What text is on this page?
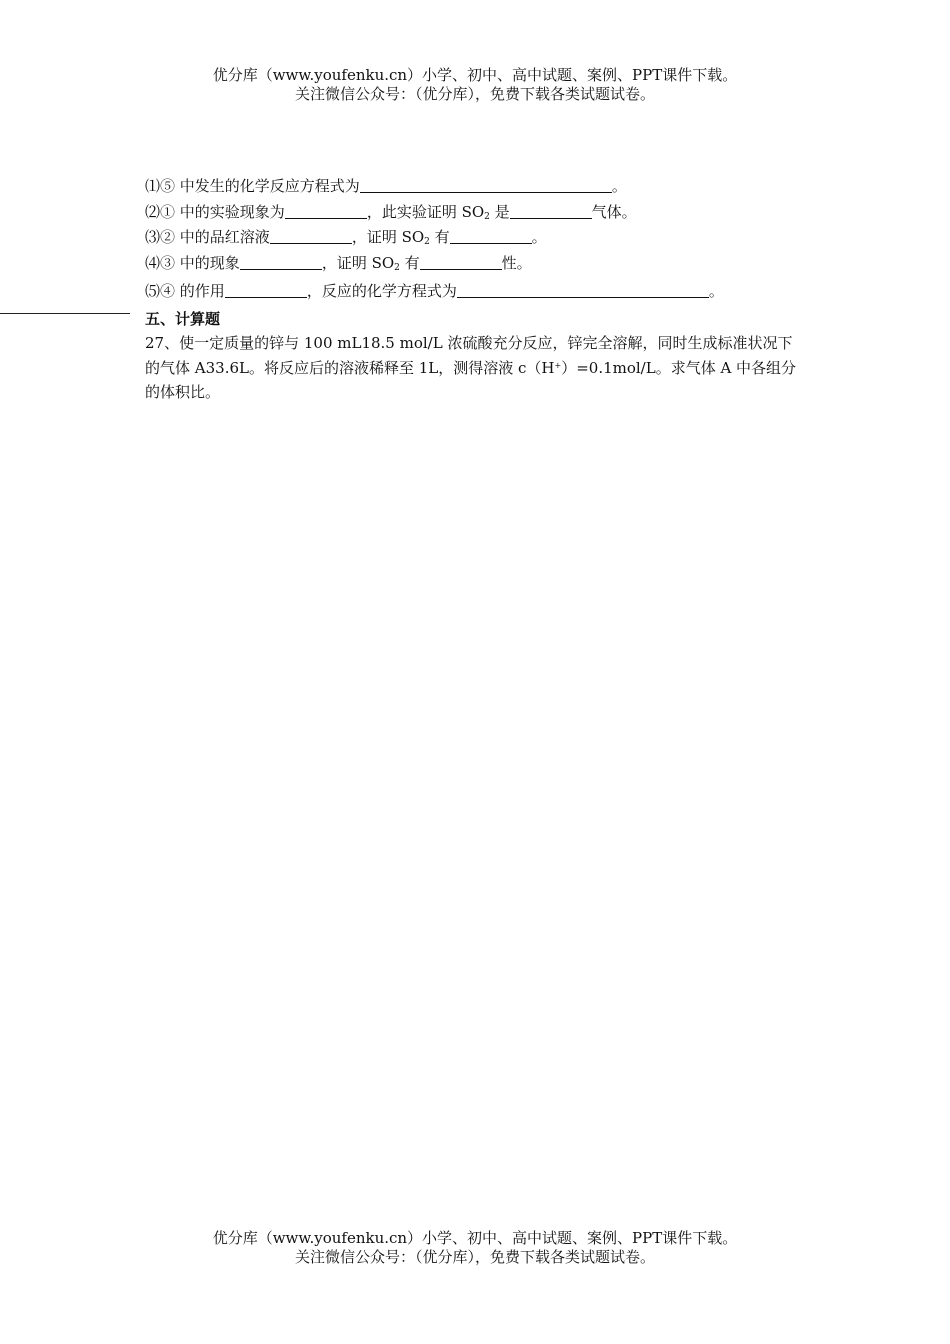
优分库（www.youfenku.cn）小学、初中、高中试题、案例、PPT课件下载。
关注微信公众号：（优分库），免费下载各类试题试卷。
⑴⑤ 中发生的化学反应方程式为	。
⑵① 中的实验现象为	，此实验证明 $SO_2$ 是	气体。
⑶② 中的品红溶液	，证明 $SO_2$ 有	。
⑷③ 中的现象	，证明 $SO_2$ 有	性。
⑸④ 的作用	，反应的化学方程式为	。
五、计算题
27、使一定质量的锌与 100 mL18.5 mol/L 浓硫酸充分反应，锌完全溶解，同时生成标准状况下的气体 A33.6L。将反应后的溶液稀释至 1L，测得溶液 c（H+）=0.1mol/L。求气体 A 中各组分的体积比。
优分库（www.youfenku.cn）小学、初中、高中试题、案例、PPT课件下载。
关注微信公众号：（优分库），免费下载各类试题试卷。
